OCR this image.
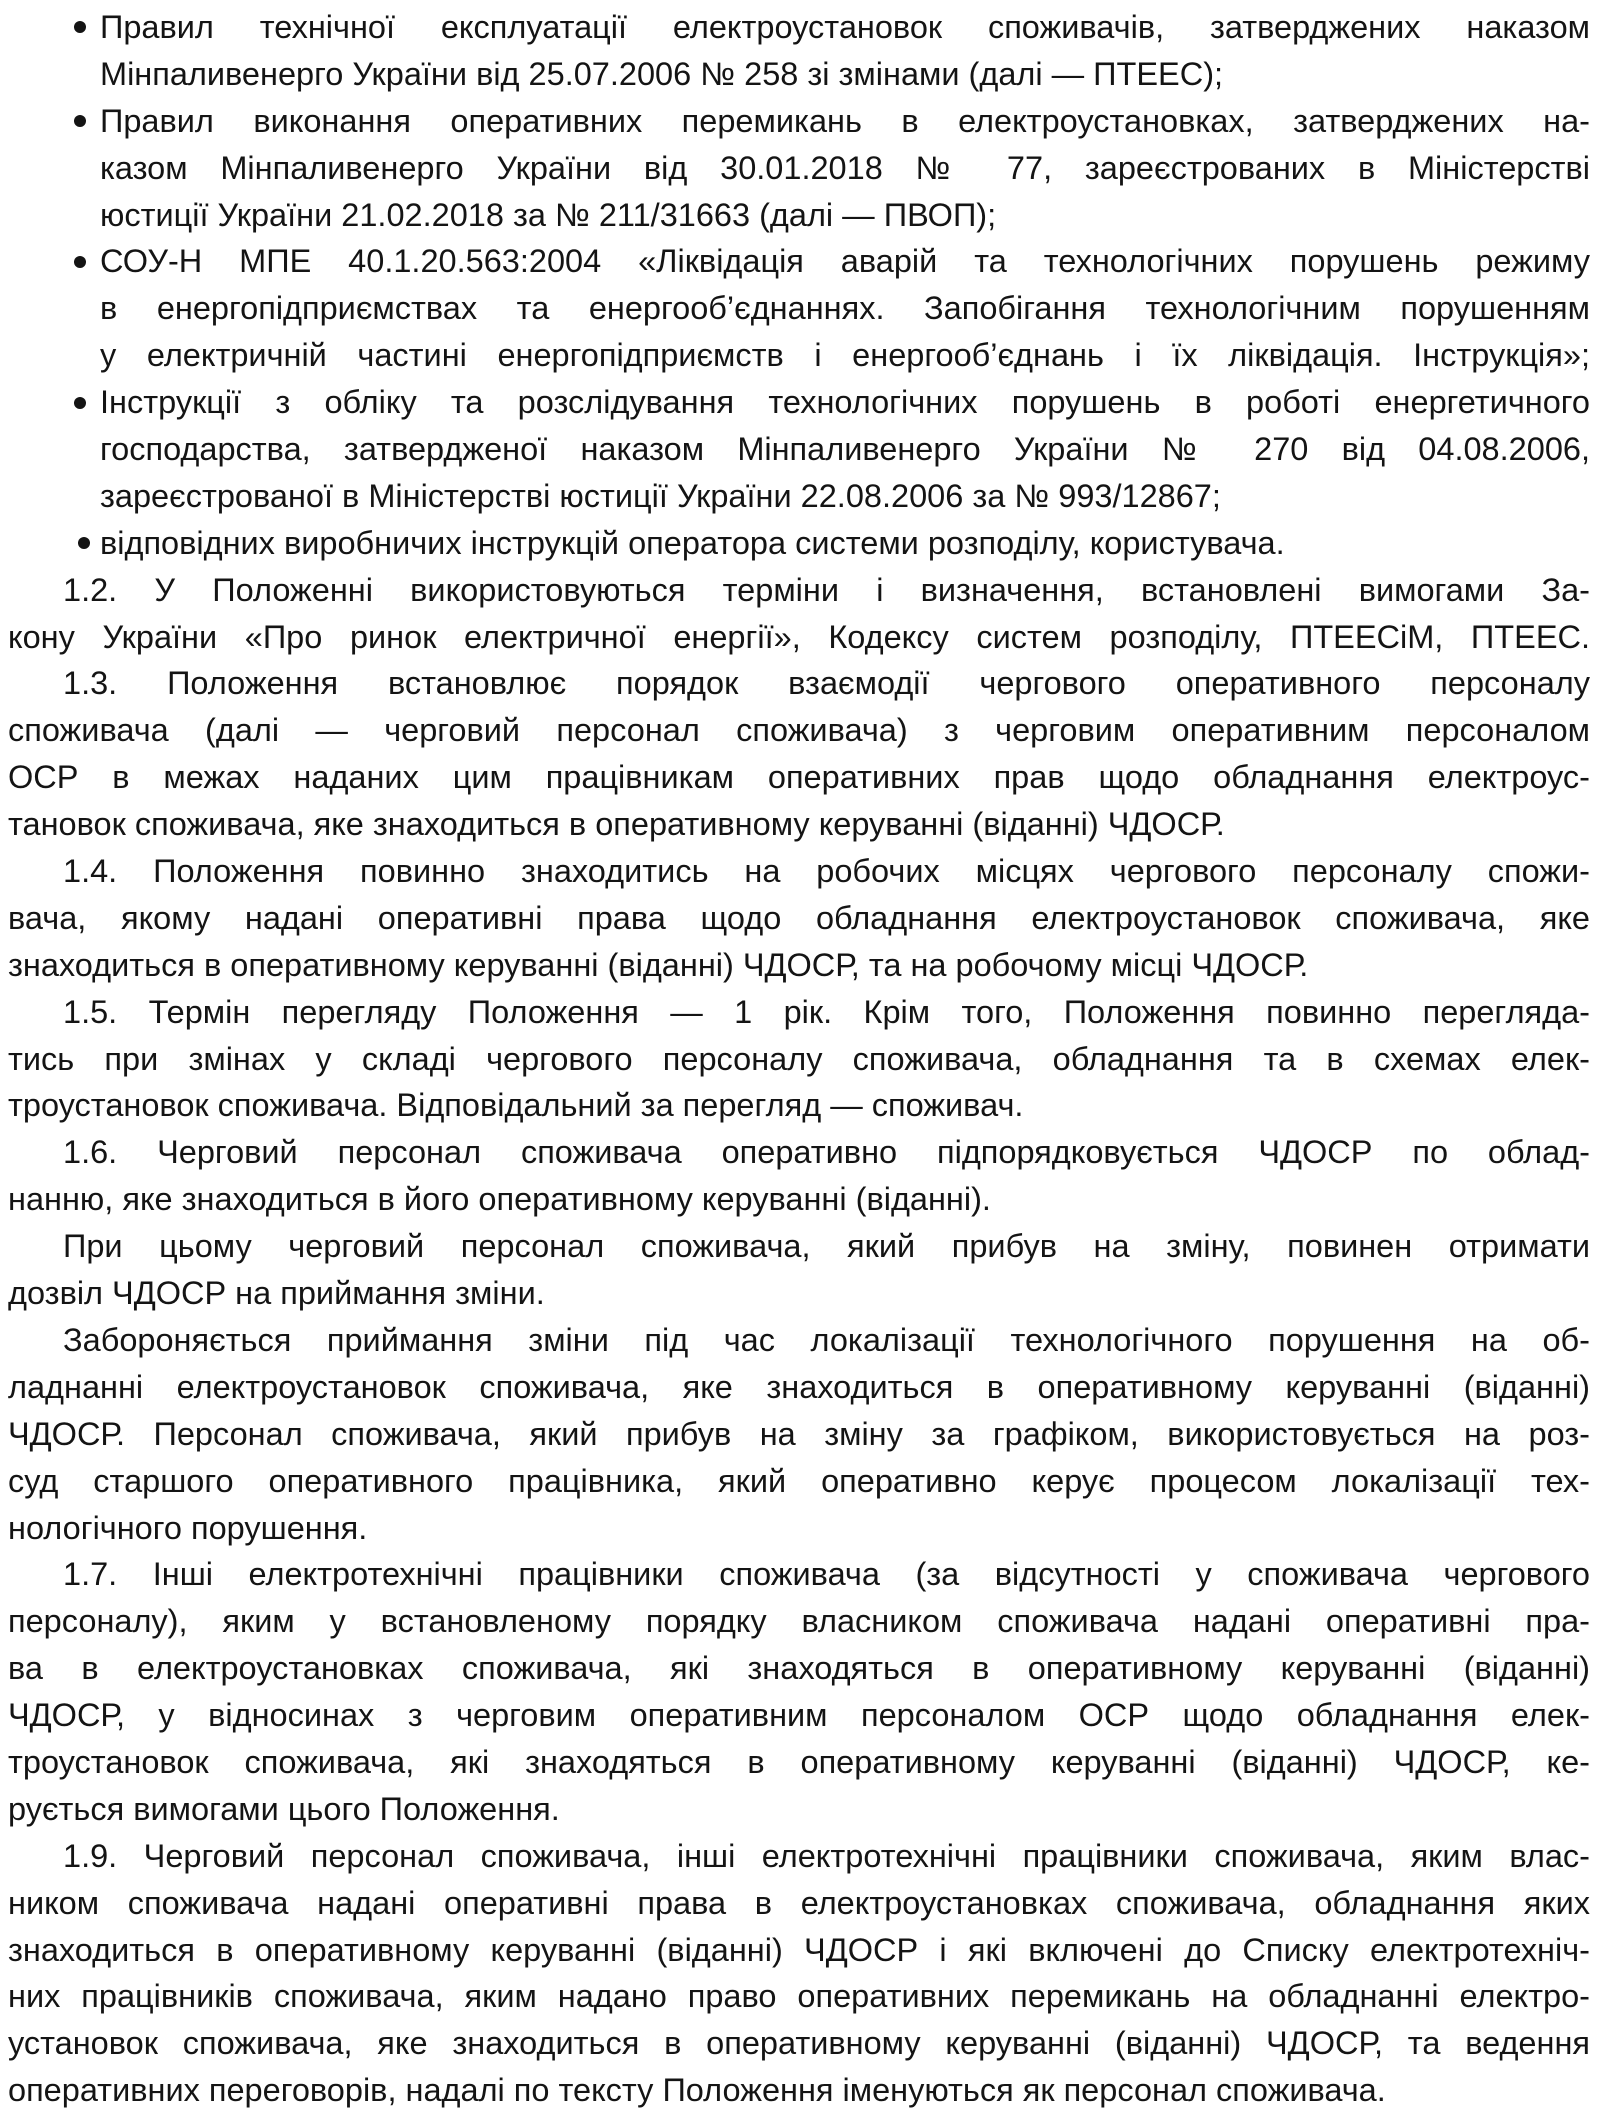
Правил технічної експлуатації електроустановок споживачів, затверджених наказом
Мінпаливенерго України від 25.07.2006 № 258 зі змінами (далі — ПТЕЕС);
Правил виконання оперативних перемикань в електроустановках, затверджених на-
казом Мінпаливенерго України від 30.01.2018 № 77, зареєстрованих в Міністерстві
юстиції України 21.02.2018 за № 211/31663 (далі — ПВОП);
СОУ-Н МПЕ 40.1.20.563:2004 «Ліквідація аварій та технологічних порушень режиму
в енергопідприємствах та енергооб’єднаннях. Запобігання технологічним порушенням
у електричній частині енергопідприємств і енергооб’єднань і їх ліквідація. Інструкція»;
Інструкції з обліку та розслідування технологічних порушень в роботі енергетичного
господарства, затвердженої наказом Мінпаливенерго України № 270 від 04.08.2006,
зареєстрованої в Міністерстві юстиції України 22.08.2006 за № 993/12867;
відповідних виробничих інструкцій оператора системи розподілу, користувача.
1.2. У Положенні використовуються терміни і визначення, встановлені вимогами За-
кону України «Про ринок електричної енергії», Кодексу систем розподілу, ПТЕЕСіМ, ПТЕЕС.
1.3. Положення встановлює порядок взаємодії чергового оперативного персоналу
споживача (далі — черговий персонал споживача) з черговим оперативним персоналом
ОСР в межах наданих цим працівникам оперативних прав щодо обладнання електроус-
тановок споживача, яке знаходиться в оперативному керуванні (віданні) ЧДОСР.
1.4. Положення повинно знаходитись на робочих місцях чергового персоналу спожи-
вача, якому надані оперативні права щодо обладнання електроустановок споживача, яке
знаходиться в оперативному керуванні (віданні) ЧДОСР, та на робочому місці ЧДОСР.
1.5. Термін перегляду Положення — 1 рік. Крім того, Положення повинно переглядa-
тись при змінах у складі чергового персоналу споживача, обладнання та в схемах елек-
троустановок споживача. Відповідальний за перегляд — споживач.
1.6. Черговий персонал споживача оперативно підпорядковується ЧДОСР по облад-
нанню, яке знаходиться в його оперативному керуванні (віданні).
При цьому черговий персонал споживача, який прибув на зміну, повинен отримати
дозвіл ЧДОСР на приймання зміни.
Забороняється приймання зміни під час локалізації технологічного порушення на об-
ладнанні електроустановок споживача, яке знаходиться в оперативному керуванні (віданні)
ЧДОСР. Персонал споживача, який прибув на зміну за графіком, використовується на роз-
суд старшого оперативного працівника, який оперативно керує процесом локалізації тех-
нологічного порушення.
1.7. Інші електротехнічні працівники споживача (за відсутності у споживача чергового
персоналу), яким у встановленому порядку власником споживача надані оперативні пра-
ва в електроустановках споживача, які знаходяться в оперативному керуванні (віданні)
ЧДОСР, у відносинах з черговим оперативним персоналом ОСР щодо обладнання елек-
троустановок споживача, які знаходяться в оперативному керуванні (віданні) ЧДОСР, ке-
рується вимогами цього Положення.
1.9. Черговий персонал споживача, інші електротехнічні працівники споживача, яким влас-
ником споживача надані оперативні права в електроустановках споживача, обладнання яких
знаходиться в оперативному керуванні (віданні) ЧДОСР і які включені до Списку електротехніч-
них працівників споживача, яким надано право оперативних перемикань на обладнанні електро-
установок споживача, яке знаходиться в оперативному керуванні (віданні) ЧДОСР, та ведення
оперативних переговорів, надалі по тексту Положення іменуються як персонал споживача.
